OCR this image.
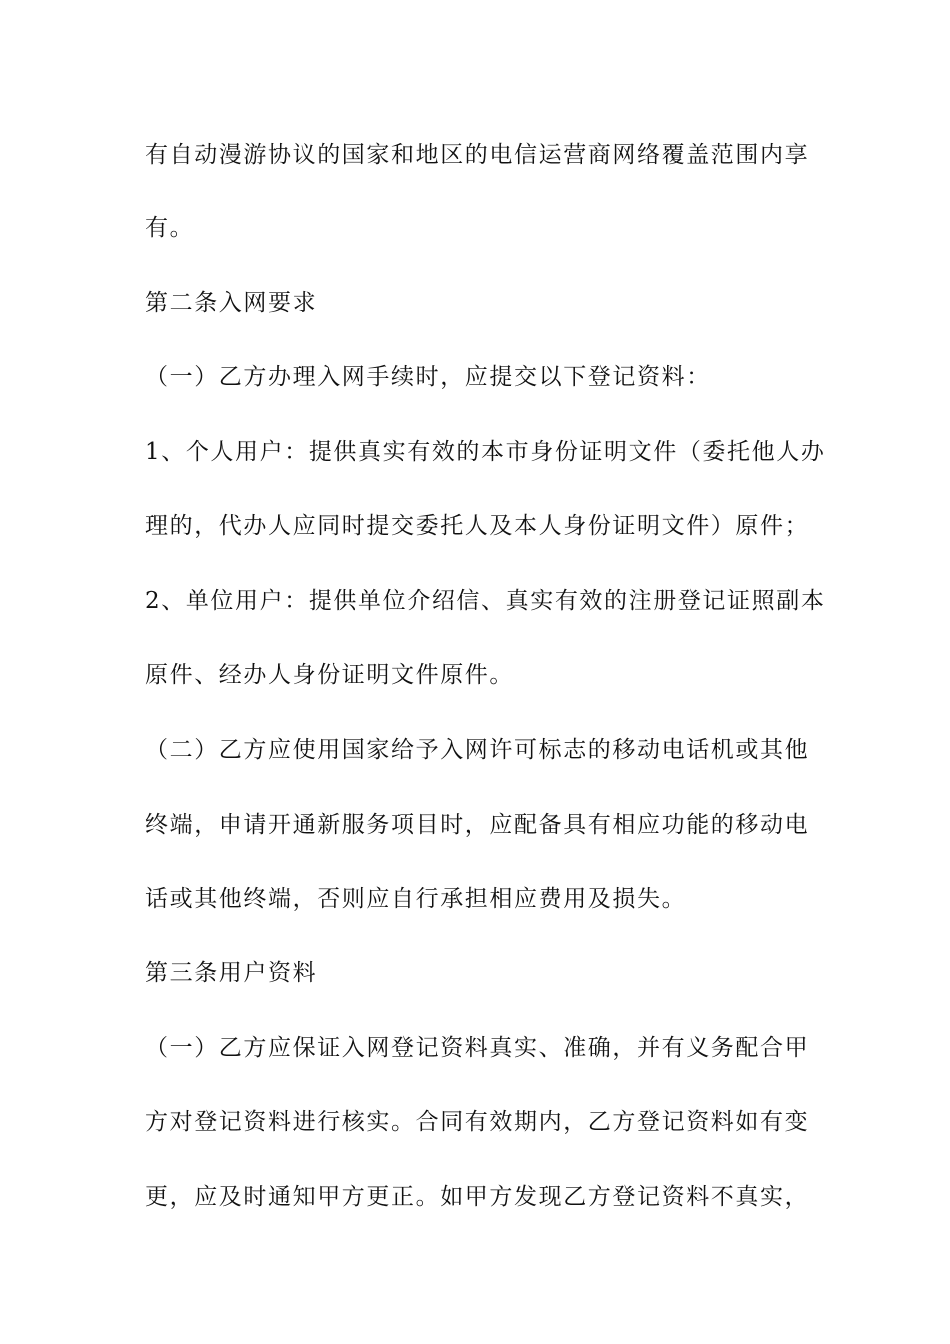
有自动漫游协议的国家和地区的电信运营商网络覆盖范围内享
有。
第二条入网要求
（一）乙方办理入网手续时，应提交以下登记资料：
1、个人用户：提供真实有效的本市身份证明文件（委托他人办
理的，代办人应同时提交委托人及本人身份证明文件）原件；
2、单位用户：提供单位介绍信、真实有效的注册登记证照副本
原件、经办人身份证明文件原件。
（二）乙方应使用国家给予入网许可标志的移动电话机或其他
终端，申请开通新服务项目时，应配备具有相应功能的移动电
话或其他终端，否则应自行承担相应费用及损失。
第三条用户资料
（一）乙方应保证入网登记资料真实、准确，并有义务配合甲
方对登记资料进行核实。合同有效期内，乙方登记资料如有变
更，应及时通知甲方更正。如甲方发现乙方登记资料不真实，
